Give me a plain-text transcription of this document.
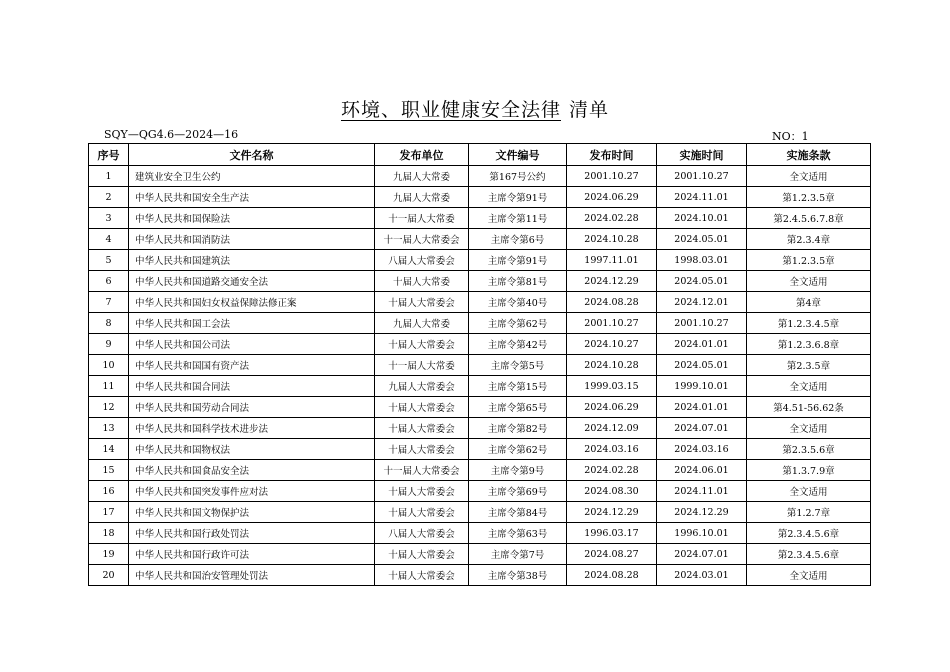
环境、职业健康安全法律 清单
SQY—QG4.6—2024—16	NO：1
序号	文件名称	发布单位	文件编号	发布时间	实施时间	实施条款
1	建筑业安全卫生公约	九届人大常委	第167号公约	2001.10.27	2001.10.27	全文适用
2	中华人民共和国安全生产法	九届人大常委	主席令第91号	2024.06.29	2024.11.01	第1.2.3.5章
3	中华人民共和国保险法	十一届人大常委	主席令第11号	2024.02.28	2024.10.01	第2.4.5.6.7.8章
4	中华人民共和国消防法	十一届人大常委会	主席令第6号	2024.10.28	2024.05.01	第2.3.4章
5	中华人民共和国建筑法	八届人大常委会	主席令第91号	1997.11.01	1998.03.01	第1.2.3.5章
6	中华人民共和国道路交通安全法	十届人大常委	主席令第81号	2024.12.29	2024.05.01	全文适用
7	中华人民共和国妇女权益保障法修正案	十届人大常委会	主席令第40号	2024.08.28	2024.12.01	第4章
8	中华人民共和国工会法	九届人大常委	主席令第62号	2001.10.27	2001.10.27	第1.2.3.4.5章
9	中华人民共和国公司法	十届人大常委会	主席令第42号	2024.10.27	2024.01.01	第1.2.3.6.8章
10	中华人民共和国国有资产法	十一届人大常委	主席令第5号	2024.10.28	2024.05.01	第2.3.5章
11	中华人民共和国合同法	九届人大常委会	主席令第15号	1999.03.15	1999.10.01	全文适用
12	中华人民共和国劳动合同法	十届人大常委会	主席令第65号	2024.06.29	2024.01.01	第4.51-56.62条
13	中华人民共和国科学技术进步法	十届人大常委会	主席令第82号	2024.12.09	2024.07.01	全文适用
14	中华人民共和国物权法	十届人大常委会	主席令第62号	2024.03.16	2024.03.16	第2.3.5.6章
15	中华人民共和国食品安全法	十一届人大常委会	主席令第9号	2024.02.28	2024.06.01	第1.3.7.9章
16	中华人民共和国突发事件应对法	十届人大常委会	主席令第69号	2024.08.30	2024.11.01	全文适用
17	中华人民共和国文物保护法	十届人大常委会	主席令第84号	2024.12.29	2024.12.29	第1.2.7章
18	中华人民共和国行政处罚法	八届人大常委会	主席令第63号	1996.03.17	1996.10.01	第2.3.4.5.6章
19	中华人民共和国行政许可法	十届人大常委会	主席令第7号	2024.08.27	2024.07.01	第2.3.4.5.6章
20	中华人民共和国治安管理处罚法	十届人大常委会	主席令第38号	2024.08.28	2024.03.01	全文适用
